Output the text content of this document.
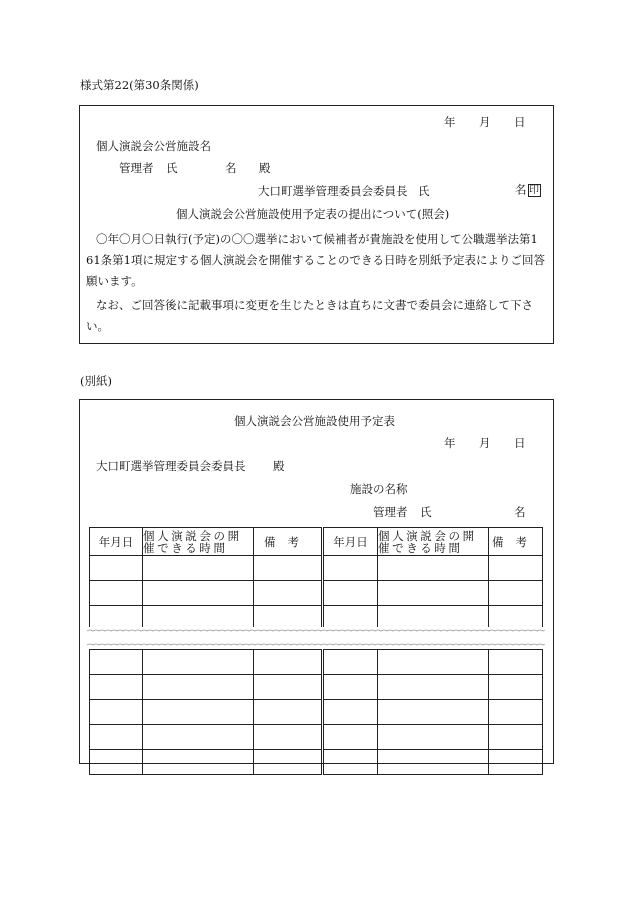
様式第22(第30条関係)
年 月 日
個人演説会公営施設名
管理者 氏	名 殿
大口町選挙管理委員会委員長 氏	名 印
個人演説会公営施設使用予定表の提出について(照会)
〇年〇月〇日執行(予定)の〇〇選挙において候補者が貴施設を使用して公職選挙法第1
61条第1項に規定する個人演説会を開催することのできる日時を別紙予定表によりご回答
願います。
なお、ご回答後に記載事項に変更を生じたときは直ちに文書で委員会に連絡して下さ
い。
(別紙)
個人演説会公営施設使用予定表
年 月 日
大口町選挙管理委員会委員長 殿
施設の名称
管理者 氏	名
年月日	個人演説会の開催できる時間	備考	年月日	個人演説会の開催できる時間	備考
